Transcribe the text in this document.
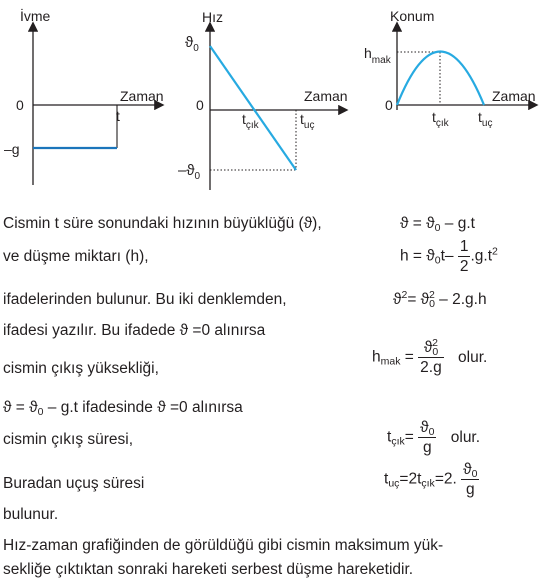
İvme
Zaman
0
t
–g
Hız
Zaman
0
$ϑ_0$
$-ϑ_0$
$t_{çık}$	$t_{uç}$
Konum
Zaman
0
$h_{mak}$
$t_{çık}$ $t_{uç}$
Cismin t süre sonundaki hızının büyüklüğü (ϑ),
ve düşme miktarı (h),
ifadelerinden bulunur. Bu iki denklemden,
ifadesi yazılır. Bu ifadede ϑ =0 alınırsa
cismin çıkış yüksekliği,
$ϑ = ϑ_0 - g.t$ ifadesinde ϑ =0 alınırsa
cismin çıkış süresi,
Buradan uçuş süresi
bulunur.
Hız-zaman grafiğinden de görüldüğü gibi cismin maksimum yük-
sekliğe çıktıktan sonraki hareketi serbest düşme hareketidir.
$ϑ = ϑ_0 - g.t$
$h = ϑ_0t- \frac{1}{2} .g.t^2$
$ϑ^2= ϑ_0^2 - 2.g.h$
$h_{mak} = \frac{ϑ_0^2}{2.g}$ olur.
$t_{çık}= \frac{ϑ_0}{g}$ olur.
$t_{uç}=2t_{çık}=2$. $\frac{ϑ_0}{g}$
